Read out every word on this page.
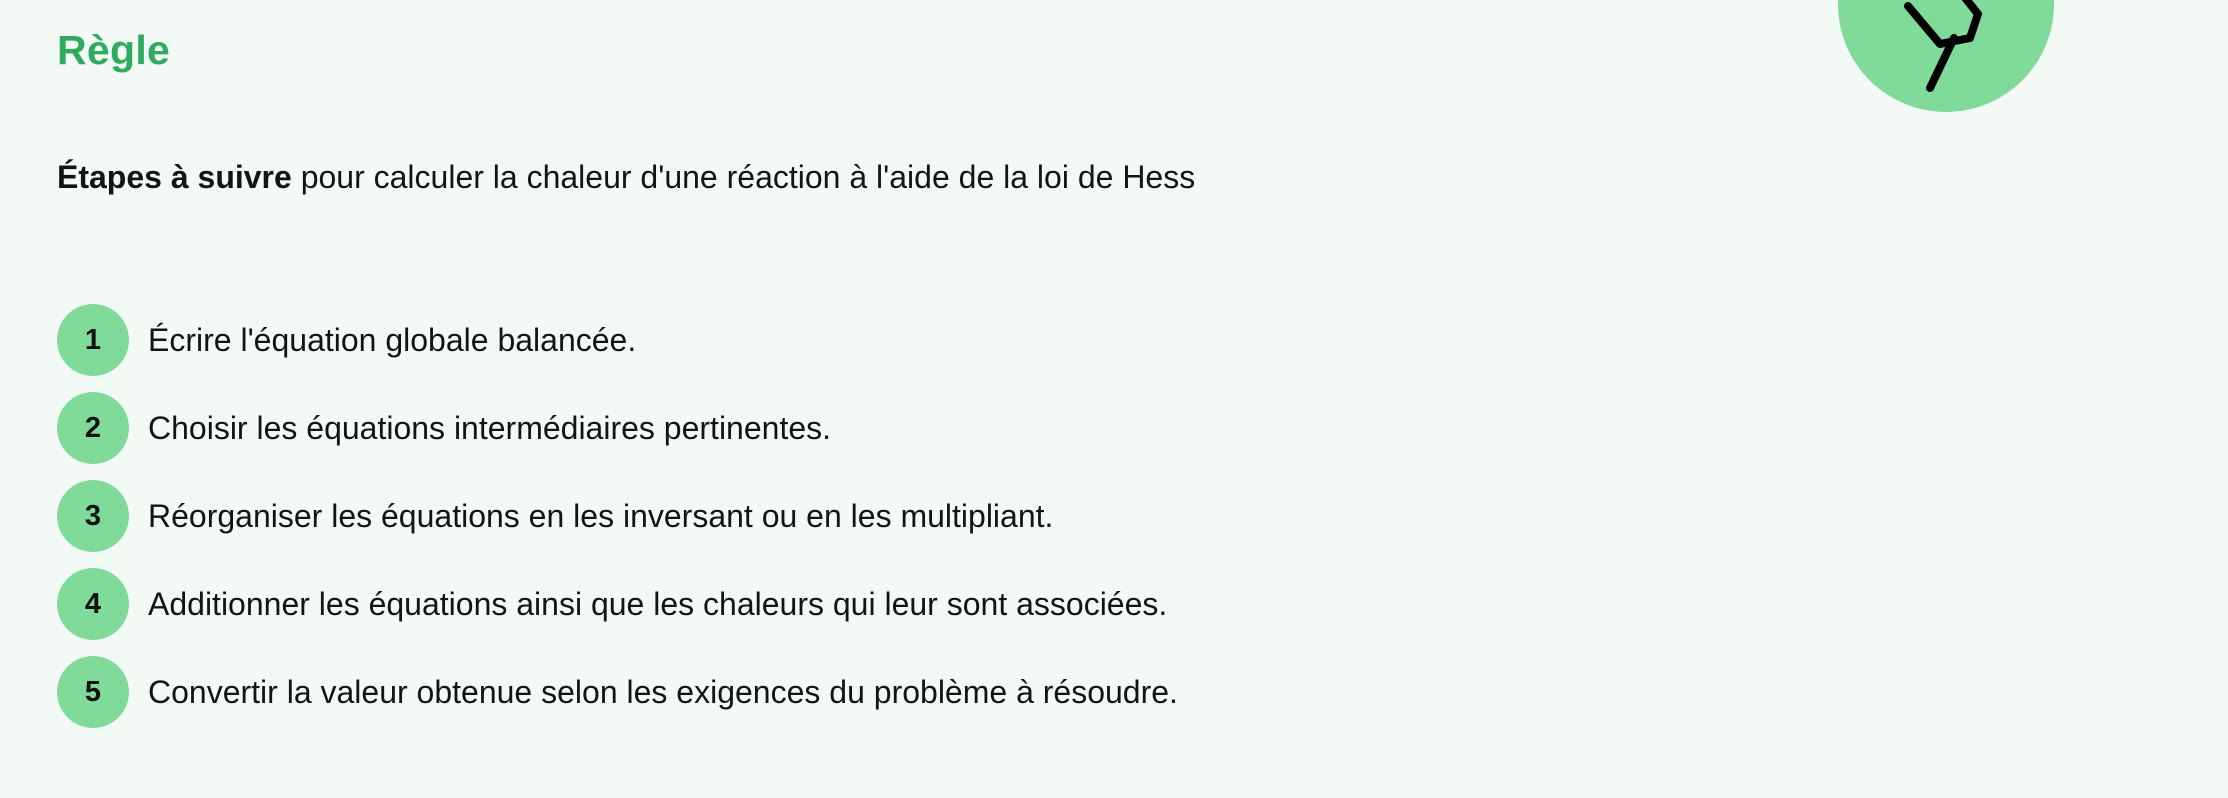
Règle

Étapes à suivre pour calculer la chaleur d'une réaction à l'aide de la loi de Hess

1	Écrire l'équation globale balancée.
2	Choisir les équations intermédiaires pertinentes.
3	Réorganiser les équations en les inversant ou en les multipliant.
4	Additionner les équations ainsi que les chaleurs qui leur sont associées.
5	Convertir la valeur obtenue selon les exigences du problème à résoudre.
